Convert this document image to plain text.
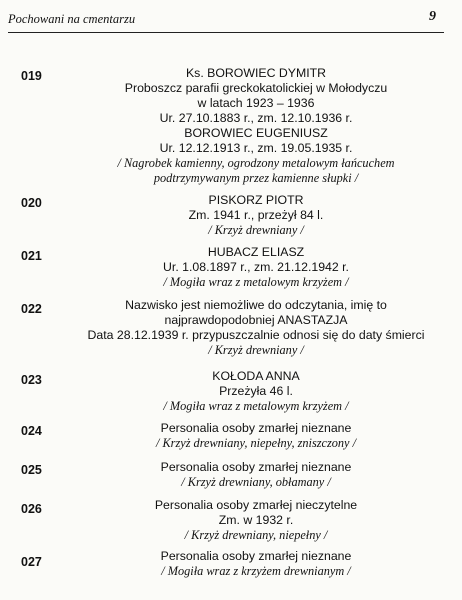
Pochowani na cmentarzu	9
019	Ks. BOROWIEC DYMITR
Proboszcz parafii greckokatolickiej w Mołodyczu
w latach 1923 – 1936
Ur. 27.10.1883 r., zm. 12.10.1936 r.
BOROWIEC EUGENIUSZ
Ur. 12.12.1913 r., zm. 19.05.1935 r.
/ Nagrobek kamienny, ogrodzony metalowym łańcuchem
podtrzymywanym przez kamienne słupki /
020	PISKORZ PIOTR
Zm. 1941 r., przeżył 84 l.
/ Krzyż drewniany /
021	HUBACZ ELIASZ
Ur. 1.08.1897 r., zm. 21.12.1942 r.
/ Mogiła wraz z metalowym krzyżem /
022	Nazwisko jest niemożliwe do odczytania, imię to
najprawdopodobniej ANASTAZJA
Data 28.12.1939 r. przypuszczalnie odnosi się do daty śmierci
/ Krzyż drewniany /
023	KOŁODA ANNA
Przeżyła 46 l.
/ Mogiła wraz z metalowym krzyżem /
024	Personalia osoby zmarłej nieznane
/ Krzyż drewniany, niepełny, zniszczony /
025	Personalia osoby zmarłej nieznane
/ Krzyż drewniany, obłamany /
026	Personalia osoby zmarłej nieczytelne
Zm. w 1932 r.
/ Krzyż drewniany, niepełny /
027	Personalia osoby zmarłej nieznane
/ Mogiła wraz z krzyżem drewnianym /
